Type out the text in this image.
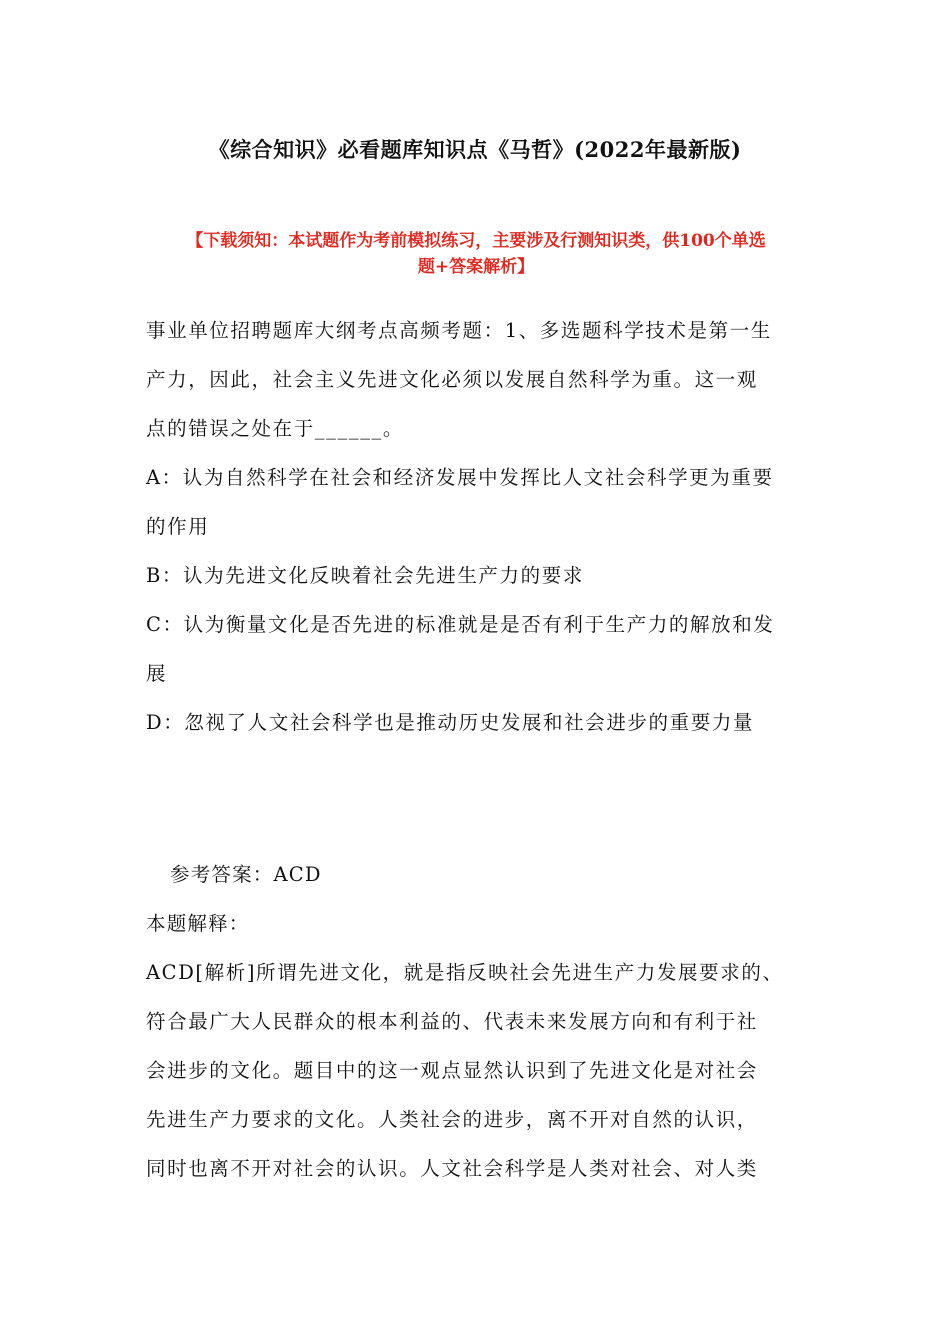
《综合知识》必看题库知识点《马哲》(2022年最新版)
【下载须知：本试题作为考前模拟练习，主要涉及行测知识类，供100个单选
题+答案解析】
事业单位招聘题库大纲考点高频考题：1、多选题科学技术是第一生
产力，因此，社会主义先进文化必须以发展自然科学为重。这一观
点的错误之处在于______。
A：认为自然科学在社会和经济发展中发挥比人文社会科学更为重要
的作用
B：认为先进文化反映着社会先进生产力的要求
C：认为衡量文化是否先进的标准就是是否有利于生产力的解放和发
展
D：忽视了人文社会科学也是推动历史发展和社会进步的重要力量
参考答案：ACD
本题解释：
ACD[解析]所谓先进文化，就是指反映社会先进生产力发展要求的、
符合最广大人民群众的根本利益的、代表未来发展方向和有利于社
会进步的文化。题目中的这一观点显然认识到了先进文化是对社会
先进生产力要求的文化。人类社会的进步，离不开对自然的认识，
同时也离不开对社会的认识。人文社会科学是人类对社会、对人类
